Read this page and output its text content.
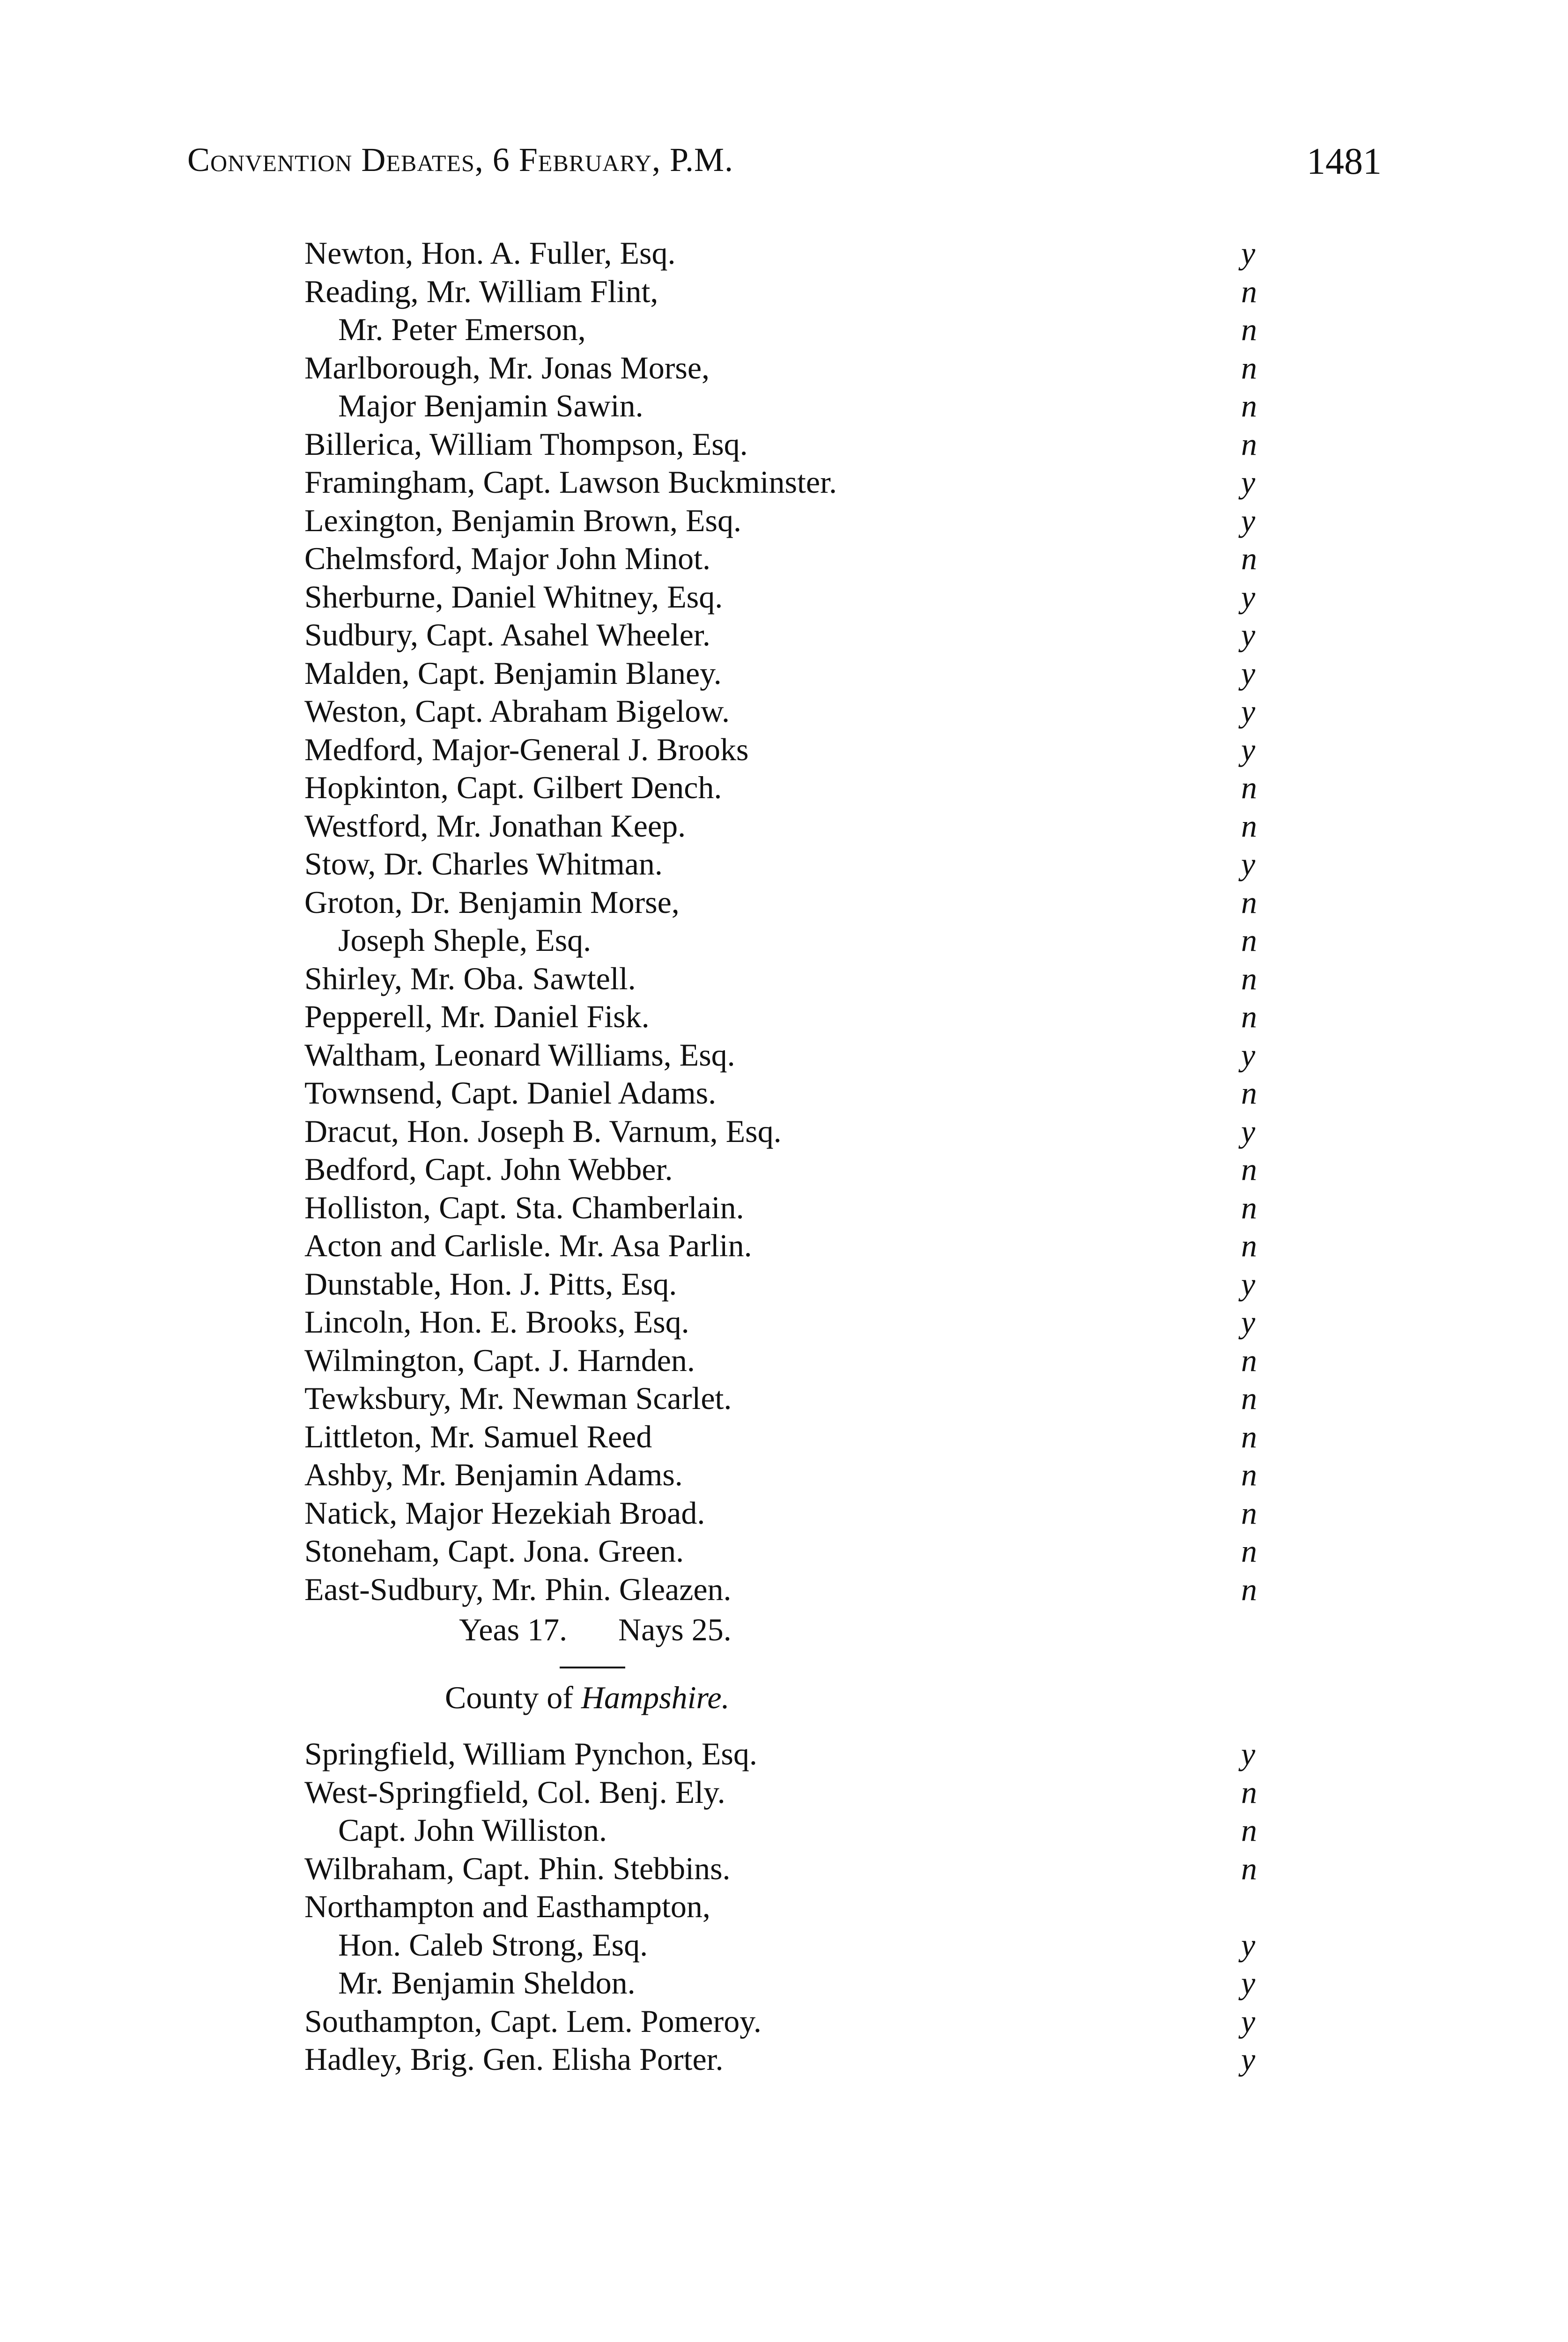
Convention Debates, 6 February, P.M.	1481
Newton, Hon. A. Fuller, Esq.	y
Reading, Mr. William Flint,	n
Mr. Peter Emerson,	n
Marlborough, Mr. Jonas Morse,	n
Major Benjamin Sawin.	n
Billerica, William Thompson, Esq.	n
Framingham, Capt. Lawson Buckminster.	y
Lexington, Benjamin Brown, Esq.	y
Chelmsford, Major John Minot.	n
Sherburne, Daniel Whitney, Esq.	y
Sudbury, Capt. Asahel Wheeler.	y
Malden, Capt. Benjamin Blaney.	y
Weston, Capt. Abraham Bigelow.	y
Medford, Major-General J. Brooks	y
Hopkinton, Capt. Gilbert Dench.	n
Westford, Mr. Jonathan Keep.	n
Stow, Dr. Charles Whitman.	y
Groton, Dr. Benjamin Morse,	n
Joseph Sheple, Esq.	n
Shirley, Mr. Oba. Sawtell.	n
Pepperell, Mr. Daniel Fisk.	n
Waltham, Leonard Williams, Esq.	y
Townsend, Capt. Daniel Adams.	n
Dracut, Hon. Joseph B. Varnum, Esq.	y
Bedford, Capt. John Webber.	n
Holliston, Capt. Sta. Chamberlain.	n
Acton and Carlisle. Mr. Asa Parlin.	n
Dunstable, Hon. J. Pitts, Esq.	y
Lincoln, Hon. E. Brooks, Esq.	y
Wilmington, Capt. J. Harnden.	n
Tewksbury, Mr. Newman Scarlet.	n
Littleton, Mr. Samuel Reed	n
Ashby, Mr. Benjamin Adams.	n
Natick, Major Hezekiah Broad.	n
Stoneham, Capt. Jona. Green.	n
East-Sudbury, Mr. Phin. Gleazen.	n
Yeas 17. Nays 25.
County of Hampshire.
Springfield, William Pynchon, Esq.	y
West-Springfield, Col. Benj. Ely.	n
Capt. John Williston.	n
Wilbraham, Capt. Phin. Stebbins.	n
Northampton and Easthampton,
Hon. Caleb Strong, Esq.	y
Mr. Benjamin Sheldon.	y
Southampton, Capt. Lem. Pomeroy.	y
Hadley, Brig. Gen. Elisha Porter.	y
